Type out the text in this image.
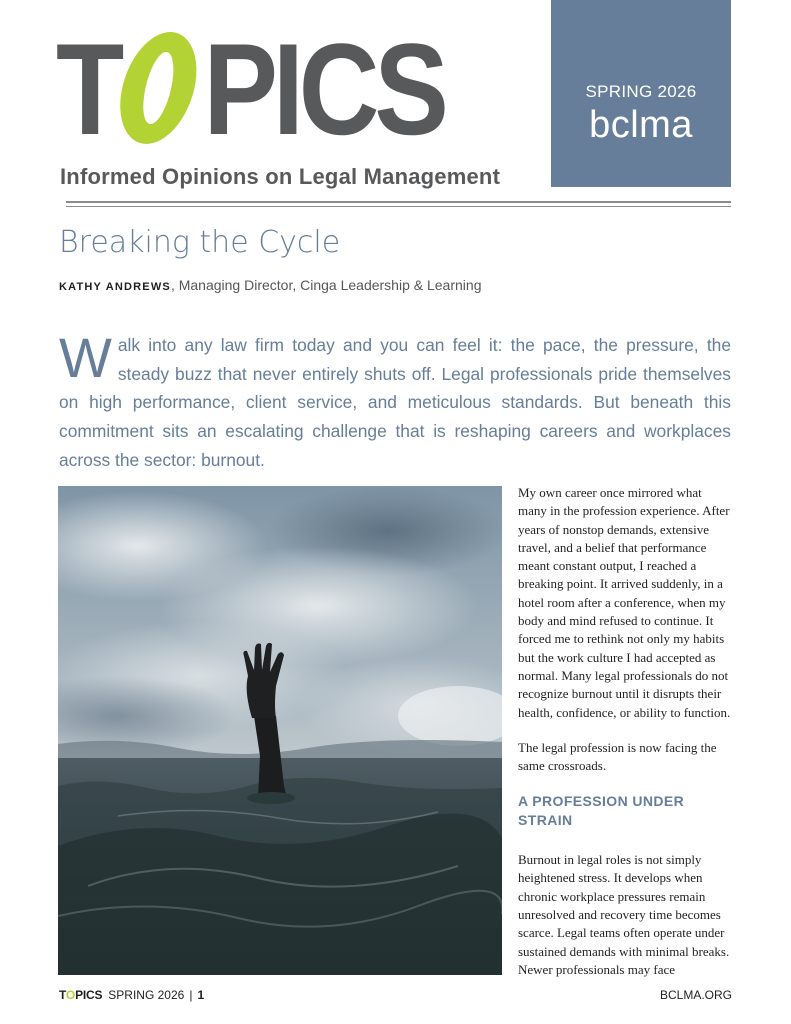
T PICS
Informed Opinions on Legal Management
SPRING 2026
bclma
Breaking the Cycle
KATHY ANDREWS, Managing Director, Cinga Leadership & Learning
Walk into any law firm today and you can feel it: the pace, the pressure, the steady buzz that never entirely shuts off. Legal professionals pride themselves on high performance, client service, and meticulous standards. But beneath this commitment sits an escalating challenge that is reshaping careers and workplaces across the sector: burnout.

My own career once mirrored what many in the profession experience. After years of nonstop demands, extensive travel, and a belief that performance meant constant output, I reached a breaking point. It arrived suddenly, in a hotel room after a conference, when my body and mind refused to continue. It forced me to rethink not only my habits but the work culture I had accepted as normal. Many legal professionals do not recognize burnout until it disrupts their health, confidence, or ability to function.

The legal profession is now facing the same crossroads.

A PROFESSION UNDER STRAIN

Burnout in legal roles is not simply heightened stress. It develops when chronic workplace pressures remain unresolved and recovery time becomes scarce. Legal teams often operate under sustained demands with minimal breaks. Newer professionals may face

TOPICS SPRING 2026 | 1	BCLMA.ORG
